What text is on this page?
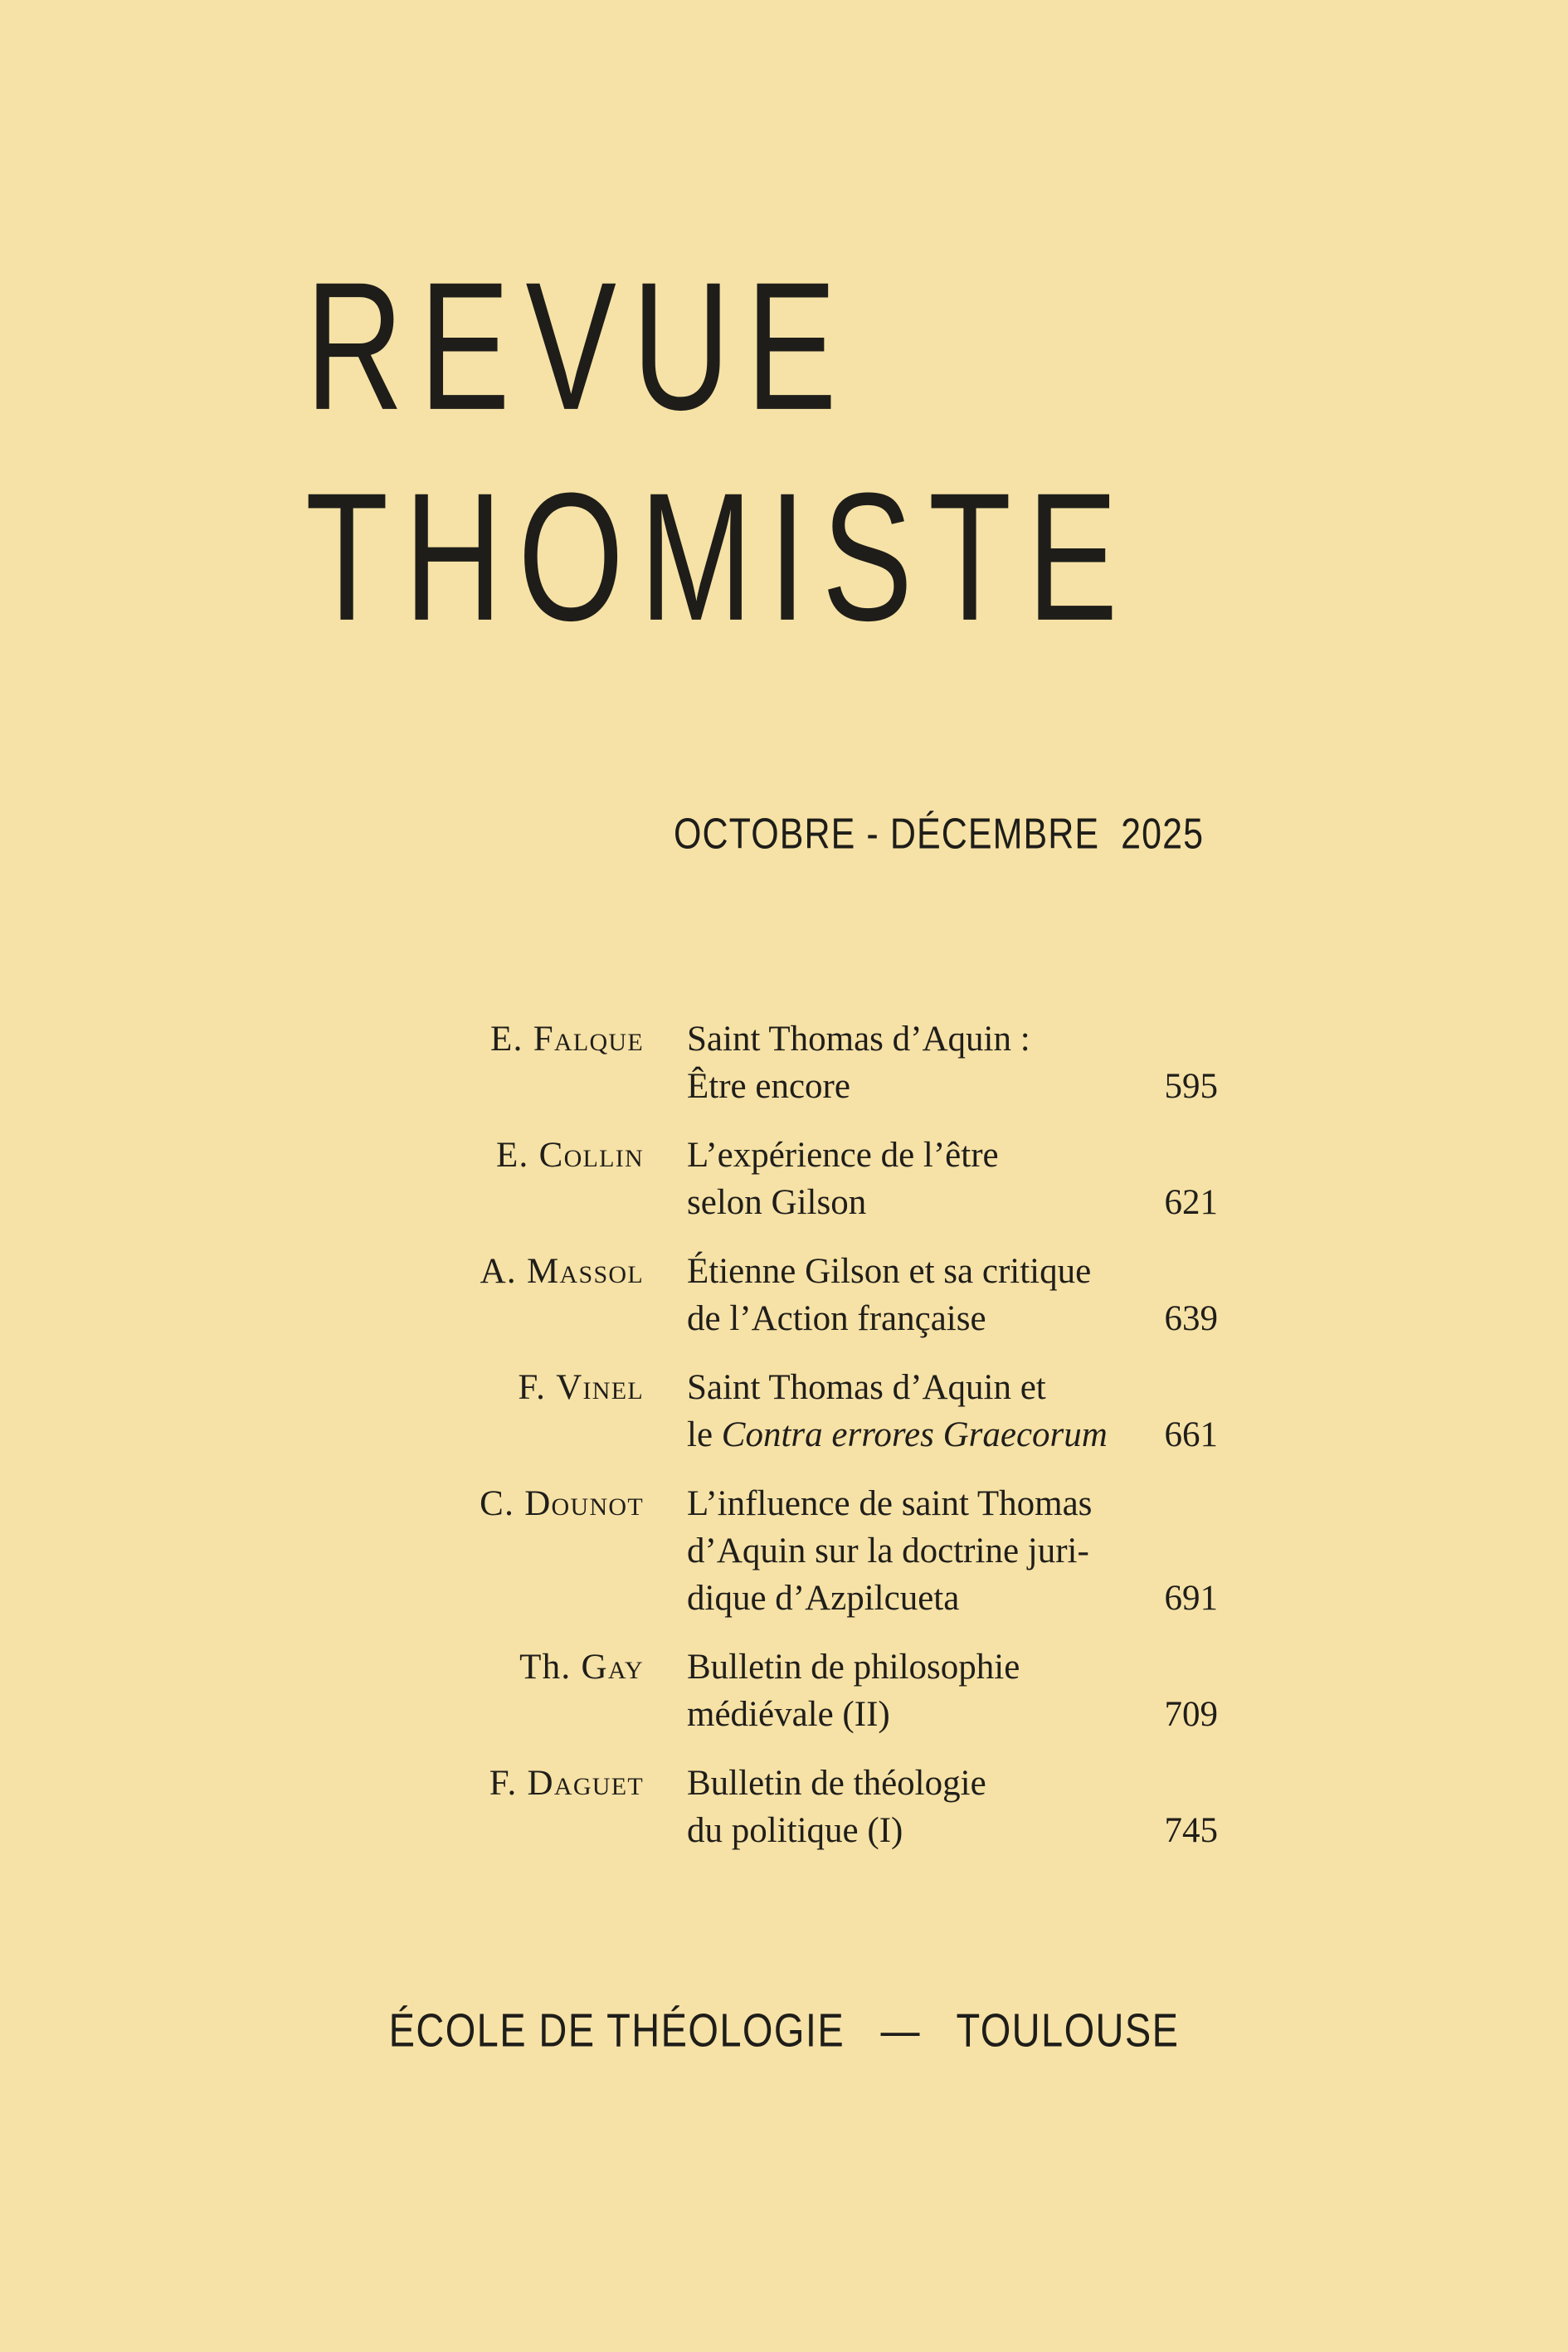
REVUE
THOMISTE
OCTOBRE - DÉCEMBRE  2025
E. Falque Saint Thomas d’Aquin :
Être encore	595
E. Collin L’expérience de l’être
selon Gilson	621
A. Massol Étienne Gilson et sa critique
de l’Action française	639
F. Vinel Saint Thomas d’Aquin et
le Contra errores Graecorum	661
C. Dounot L’influence de saint Thomas
d’Aquin sur la doctrine juri-
dique d’Azpilcueta	691
Th. Gay Bulletin de philosophie
médiévale (II)	709
F. Daguet Bulletin de théologie
du politique (I)	745
ÉCOLE DE THÉOLOGIE   —   TOULOUSE
